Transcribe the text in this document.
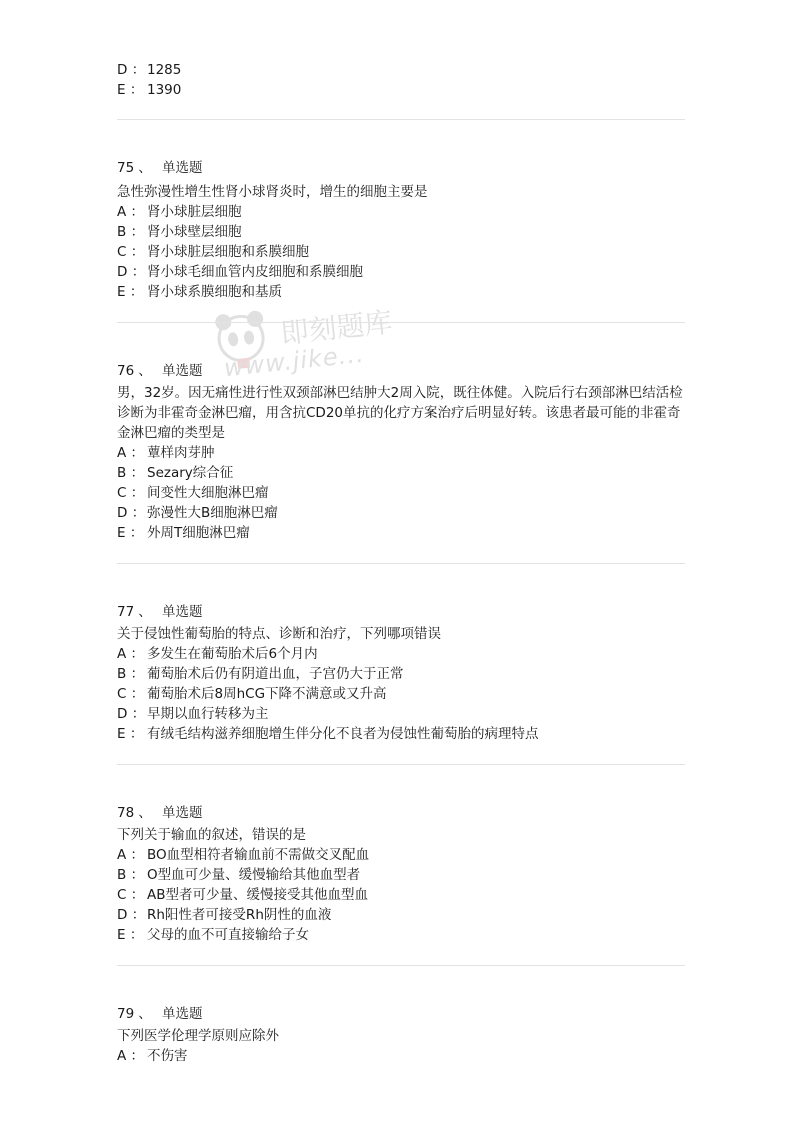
即刻题库
www.jike...
D ： 1285
E ： 1390
75 、 单选题
急性弥漫性增生性肾小球肾炎时，增生的细胞主要是
A ： 肾小球脏层细胞
B ： 肾小球壁层细胞
C ： 肾小球脏层细胞和系膜细胞
D ： 肾小球毛细血管内皮细胞和系膜细胞
E ： 肾小球系膜细胞和基质
76 、 单选题
男，32岁。因无痛性进行性双颈部淋巴结肿大2周入院，既往体健。入院后行右颈部淋巴结活检诊断为非霍奇金淋巴瘤，用含抗CD20单抗的化疗方案治疗后明显好转。该患者最可能的非霍奇金淋巴瘤的类型是
A ： 蕈样肉芽肿
B ： Sezary综合征
C ： 间变性大细胞淋巴瘤
D ： 弥漫性大B细胞淋巴瘤
E ： 外周T细胞淋巴瘤
77 、 单选题
关于侵蚀性葡萄胎的特点、诊断和治疗，下列哪项错误
A ： 多发生在葡萄胎术后6个月内
B ： 葡萄胎术后仍有阴道出血，子宫仍大于正常
C ： 葡萄胎术后8周hCG下降不满意或又升高
D ： 早期以血行转移为主
E ： 有绒毛结构滋养细胞增生伴分化不良者为侵蚀性葡萄胎的病理特点
78 、 单选题
下列关于输血的叙述，错误的是
A ： BO血型相符者输血前不需做交叉配血
B ： O型血可少量、缓慢输给其他血型者
C ： AB型者可少量、缓慢接受其他血型血
D ： Rh阳性者可接受Rh阴性的血液
E ： 父母的血不可直接输给子女
79 、 单选题
下列医学伦理学原则应除外
A ： 不伤害
